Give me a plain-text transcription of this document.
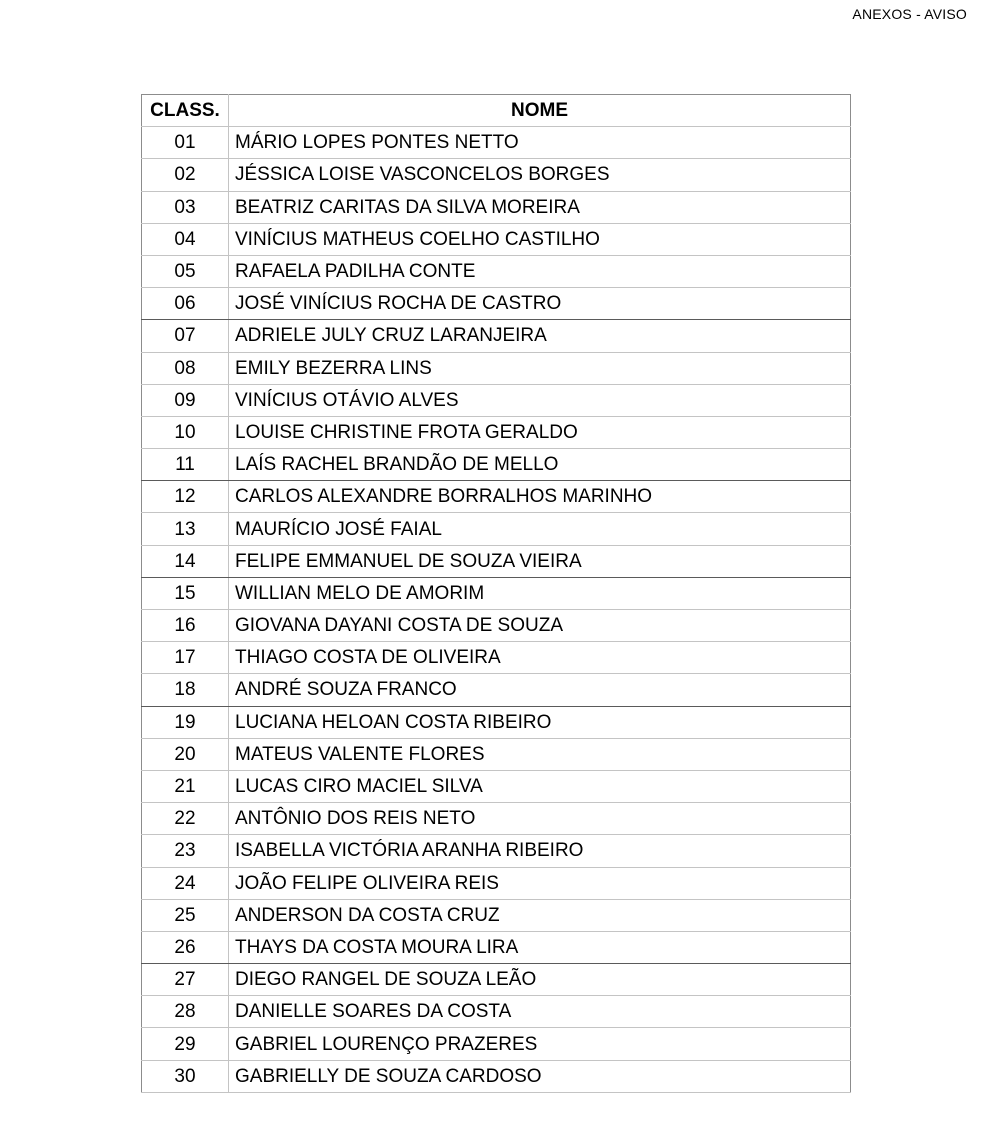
ANEXOS - AVISO
CLASS.	NOME
01	MÁRIO LOPES PONTES NETTO
02	JÉSSICA LOISE VASCONCELOS BORGES
03	BEATRIZ CARITAS DA SILVA MOREIRA
04	VINÍCIUS MATHEUS COELHO CASTILHO
05	RAFAELA PADILHA CONTE
06	JOSÉ VINÍCIUS ROCHA DE CASTRO
07	ADRIELE JULY CRUZ LARANJEIRA
08	EMILY BEZERRA LINS
09	VINÍCIUS OTÁVIO ALVES
10	LOUISE CHRISTINE FROTA GERALDO
11	LAÍS RACHEL BRANDÃO DE MELLO
12	CARLOS ALEXANDRE BORRALHOS MARINHO
13	MAURÍCIO JOSÉ FAIAL
14	FELIPE EMMANUEL DE SOUZA VIEIRA
15	WILLIAN MELO DE AMORIM
16	GIOVANA DAYANI COSTA DE SOUZA
17	THIAGO COSTA DE OLIVEIRA
18	ANDRÉ SOUZA FRANCO
19	LUCIANA HELOAN COSTA RIBEIRO
20	MATEUS VALENTE FLORES
21	LUCAS CIRO MACIEL SILVA
22	ANTÔNIO DOS REIS NETO
23	ISABELLA VICTÓRIA ARANHA RIBEIRO
24	JOÃO FELIPE OLIVEIRA REIS
25	ANDERSON DA COSTA CRUZ
26	THAYS DA COSTA MOURA LIRA
27	DIEGO RANGEL DE SOUZA LEÃO
28	DANIELLE SOARES DA COSTA
29	GABRIEL LOURENÇO PRAZERES
30	GABRIELLY DE SOUZA CARDOSO
